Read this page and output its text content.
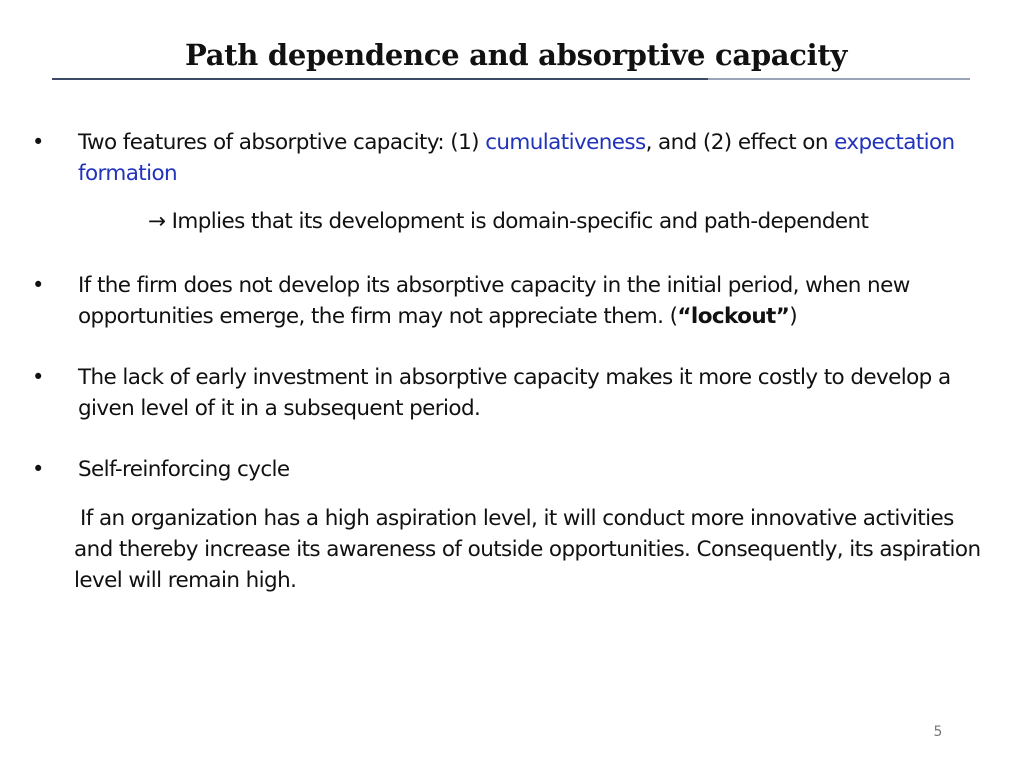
Path dependence and absorptive capacity
•	Two features of absorptive capacity: (1) cumulativeness, and (2) effect on expectation formation
→ Implies that its development is domain-specific and path-dependent
•	If the firm does not develop its absorptive capacity in the initial period, when new opportunities emerge, the firm may not appreciate them. (“lockout”)
•	The lack of early investment in absorptive capacity makes it more costly to develop a given level of it in a subsequent period.
•	Self-reinforcing cycle
If an organization has a high aspiration level, it will conduct more innovative activities and thereby increase its awareness of outside opportunities. Consequently, its aspiration level will remain high.
5
